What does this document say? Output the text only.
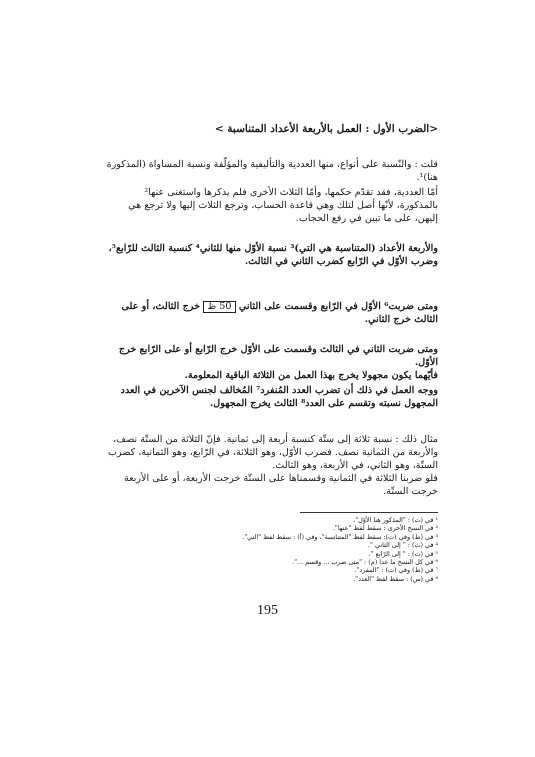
<الضرب الأول : العمل بالأربعة الأعداد المتناسبة >
قلت : والنّسبة على أنواع، منها العددية والتأليفية والمؤلّفة ونسبة المساواة (المذكورة هنا)¹.
أمّا العددية، فقد تقدّم حكمها، وأمّا الثلاث الأخرى فلم يذكرها واستغنى عنها² بالمذكورة، لأنّها أصل لتلك وهي قاعدة الحساب، وترجع الثلاث إليها ولا ترجع هي إليهن، على ما تبين في رفع الحجاب.
والأربعة الأعداد (المتناسبة هي التي)³ نسبة الأوّل منها للثاني⁴ كنسبة الثالث للرّابع⁵، وضرب الأوّل في الرّابع كضرب الثاني في الثالث.
ومتى ضربت⁶ الأوّل في الرّابع وقسمت على الثاني 50 ظ خرج الثالث، أو على الثالث خرج الثاني.
ومتى ضربت الثاني في الثالث وقسمت على الأوّل خرج الرّابع أو على الرّابع خرج الأوّل.
فأيّهما يكون مجهولا يخرج بهذا العمل من الثلاثة الباقية المعلومة.
ووجه العمل في ذلك أن تضرب العدد المُنفرد⁷ المُخالف لجنس الآخرين في العدد المجهول نسبته وتقسم على العدد⁸ الثالث يخرج المجهول.
مثال ذلك : نسبة ثلاثة إلى ستّة كنسبة أربعة إلى ثمانية. فإنّ الثلاثة من الستّة نصف، والأربعة من الثمانية نصف. فضرب الأوّل، وهو الثلاثة، في الرّابع، وهو الثمانية، كضرب الستّة، وهو الثاني، في الأربعة، وهو الثالث.
فلو ضربنا الثلاثة في الثمانية وقسمناها على الستّة خرجت الأربعة، أو على الأربعة خرجت الستّة.
¹ في (ت) : "المذكور هنا الأوّل".
² في النسخ الأخرى : سقط لفظ "عنها".
³ في (ط) وفي (ت): سقط لفظ "المتناسبة"، وفي (أ) : سقط لفظ "التي".
⁴ في (ت) : " إلى الثاني ".
⁵ في (ت) : " إلى الرّابع ".
⁶ في كل النسخ ما عدا (م) : "متى ضرب ... وقسم ...".
⁷ في (ط) وفي (ت) : "المفرد".
⁸ في (س) : سقط لفظ "العدد".
195
